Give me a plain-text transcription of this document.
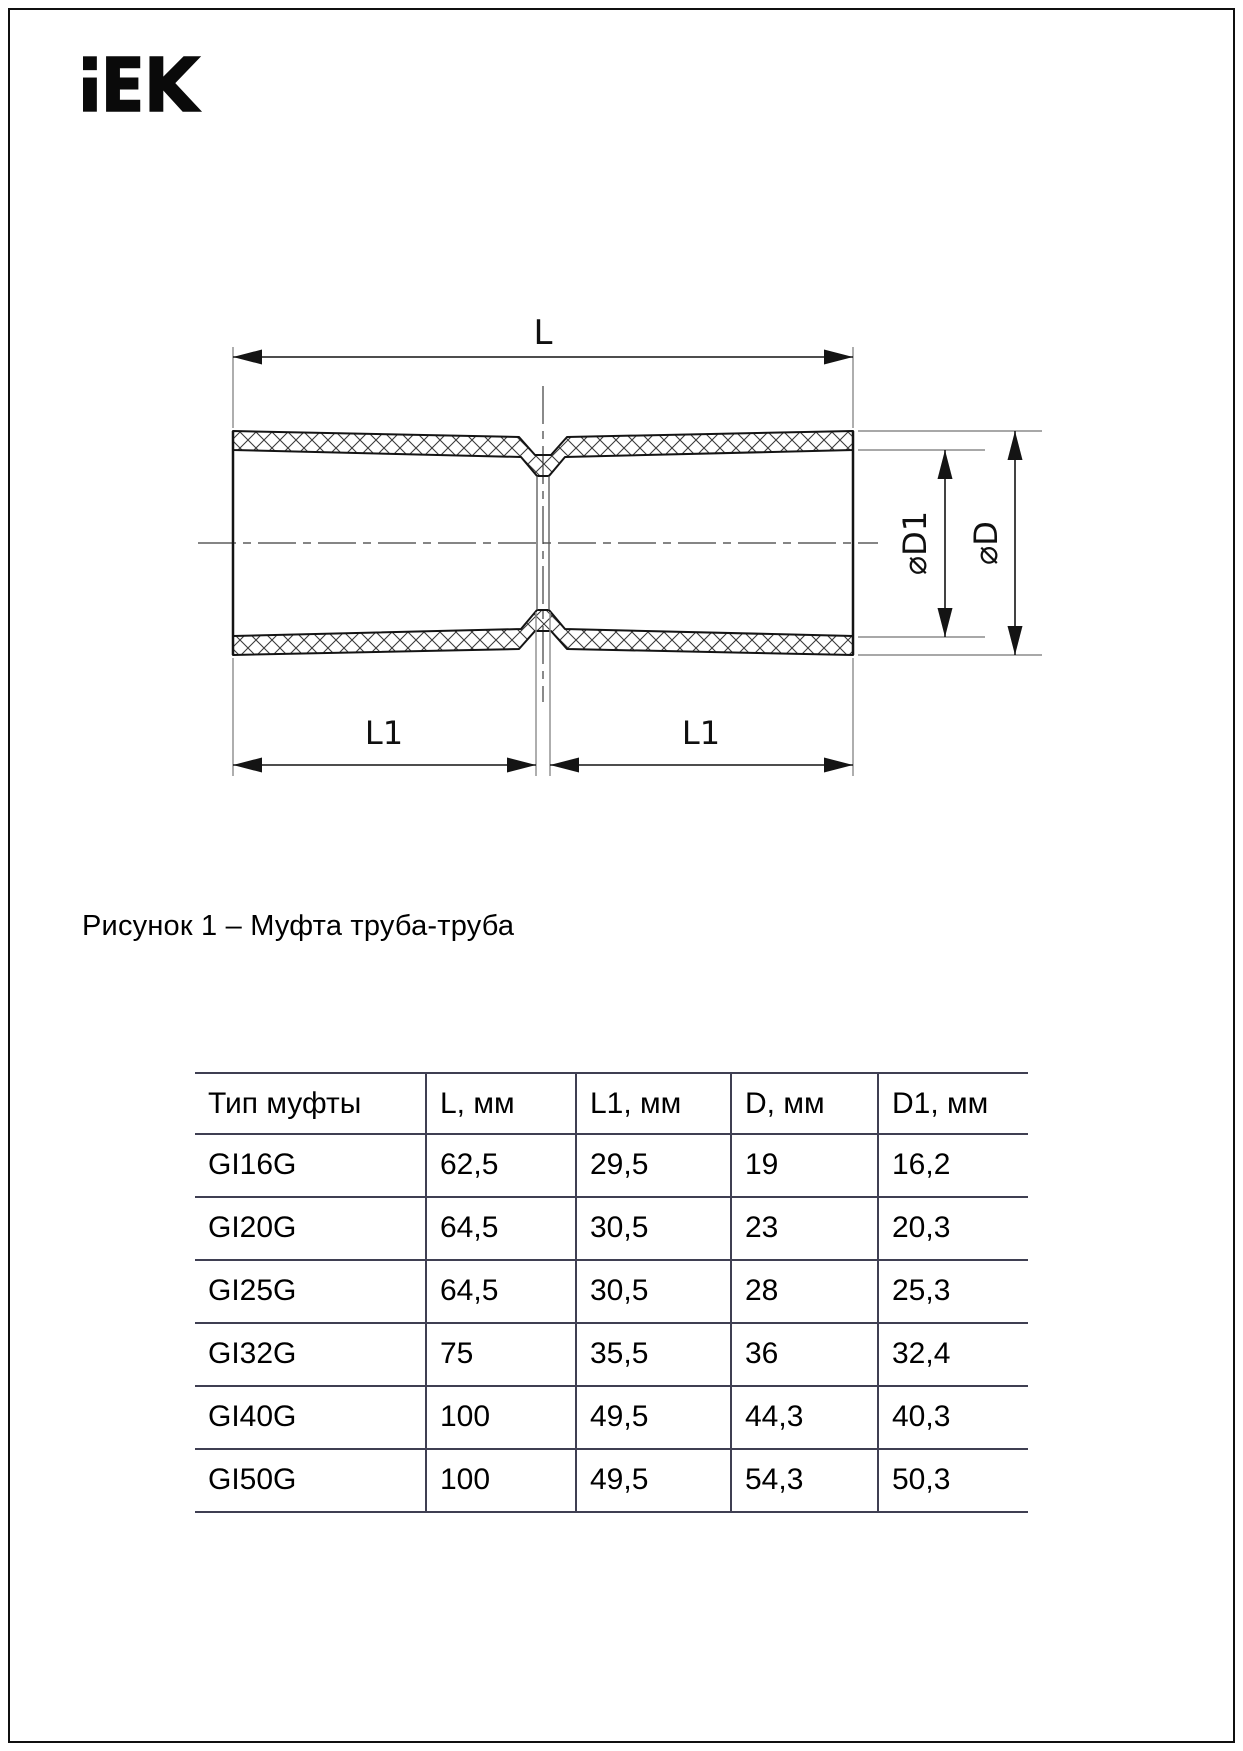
L
L1	L1
⌀D1 ⌀D
Рисунок 1 – Муфта труба-труба
Тип муфты	L, мм	L1, мм	D, мм	D1, мм
GI16G	62,5	29,5	19	16,2
GI20G	64,5	30,5	23	20,3
GI25G	64,5	30,5	28	25,3
GI32G	75	35,5	36	32,4
GI40G	100	49,5	44,3	40,3
GI50G	100	49,5	54,3	50,3
